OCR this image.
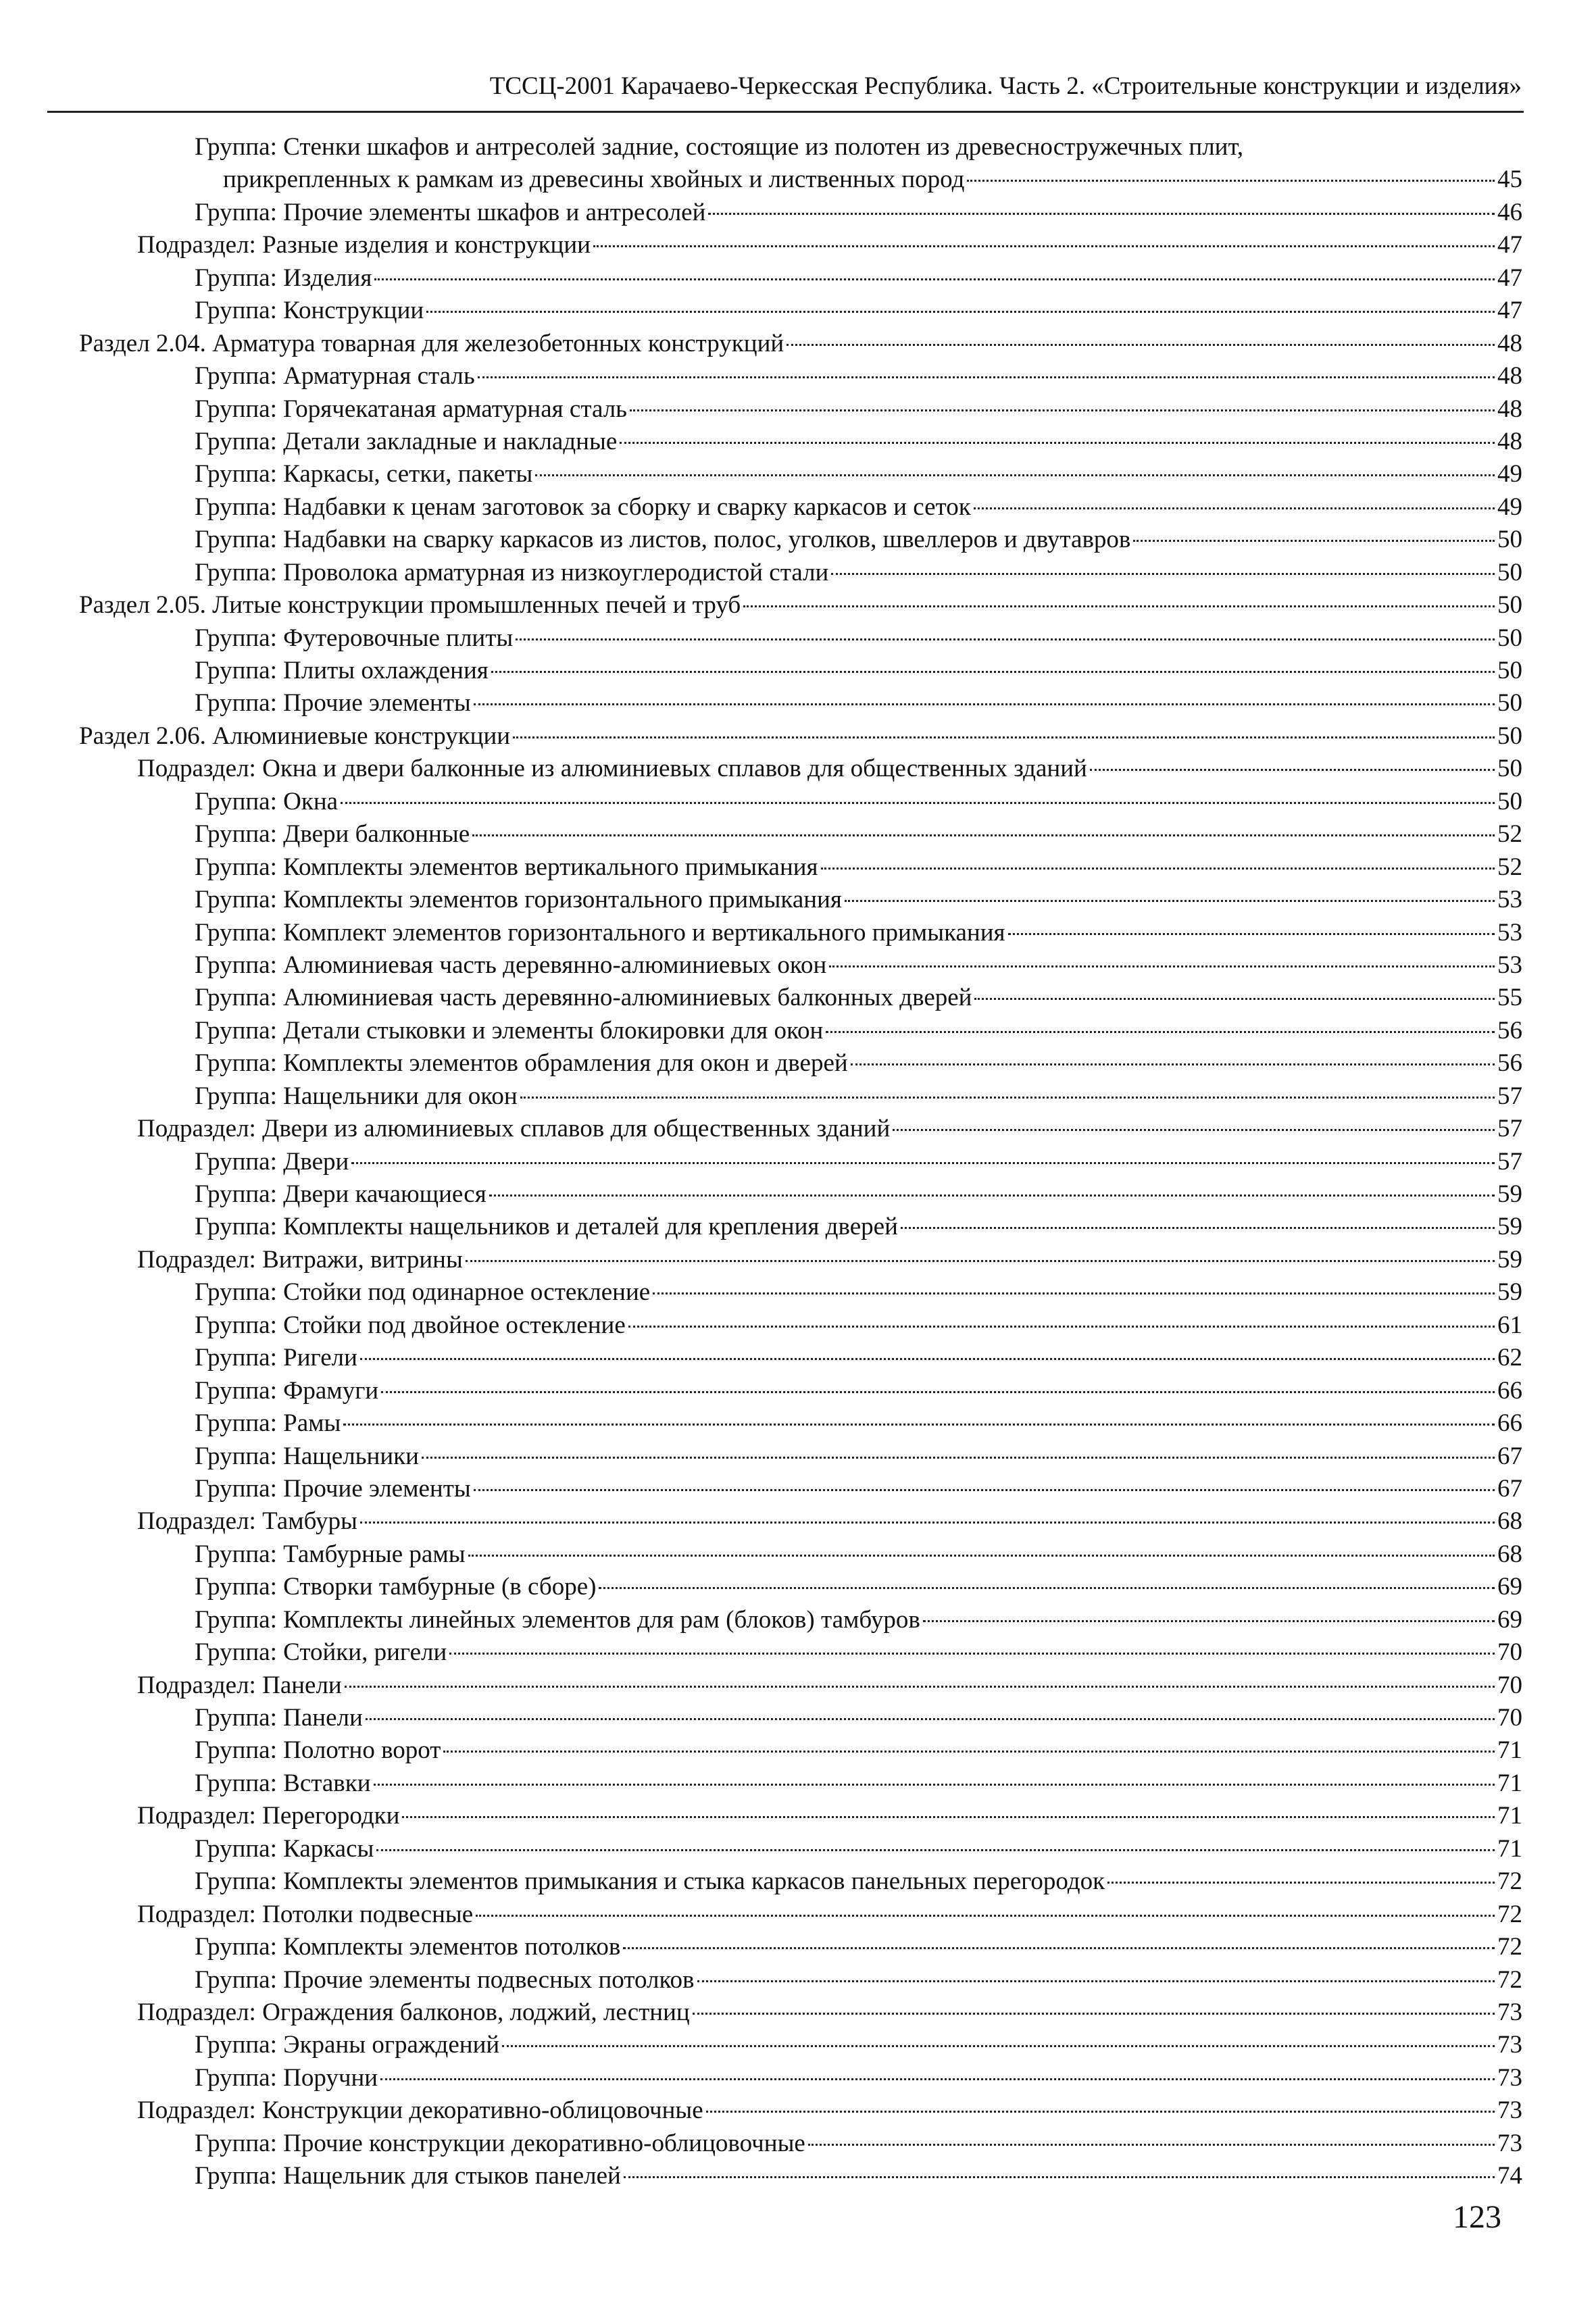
ТССЦ-2001 Карачаево-Черкесская Республика. Часть 2. «Строительные конструкции и изделия»
Группа: Стенки шкафов и антресолей задние, состоящие из полотен из древесностружечных плит,
прикрепленных к рамкам из древесины хвойных и лиственных пород	45
Группа: Прочие элементы шкафов и антресолей	46
Подраздел: Разные изделия и конструкции	47
Группа: Изделия	47
Группа: Конструкции	47
Раздел 2.04. Арматура товарная для железобетонных конструкций	48
Группа: Арматурная сталь	48
Группа: Горячекатаная арматурная сталь	48
Группа: Детали закладные и накладные	48
Группа: Каркасы, сетки, пакеты	49
Группа: Надбавки к ценам заготовок за сборку и сварку каркасов и сеток	49
Группа: Надбавки на сварку каркасов из листов, полос, уголков, швеллеров и двутавров	50
Группа: Проволока арматурная из низкоуглеродистой стали	50
Раздел 2.05. Литые конструкции промышленных печей и труб	50
Группа: Футеровочные плиты	50
Группа: Плиты охлаждения	50
Группа: Прочие элементы	50
Раздел 2.06. Алюминиевые конструкции	50
Подраздел: Окна и двери балконные из алюминиевых сплавов для общественных зданий	50
Группа: Окна	50
Группа: Двери балконные	52
Группа: Комплекты элементов вертикального примыкания	52
Группа: Комплекты элементов горизонтального примыкания	53
Группа: Комплект элементов горизонтального и вертикального примыкания	53
Группа: Алюминиевая часть деревянно-алюминиевых окон	53
Группа: Алюминиевая часть деревянно-алюминиевых балконных дверей	55
Группа: Детали стыковки и элементы блокировки для окон	56
Группа: Комплекты элементов обрамления для окон и дверей	56
Группа: Нащельники для окон	57
Подраздел: Двери из алюминиевых сплавов для общественных зданий	57
Группа: Двери	57
Группа: Двери качающиеся	59
Группа: Комплекты нащельников и деталей для крепления дверей	59
Подраздел: Витражи, витрины	59
Группа: Стойки под одинарное остекление	59
Группа: Стойки под двойное остекление	61
Группа: Ригели	62
Группа: Фрамуги	66
Группа: Рамы	66
Группа: Нащельники	67
Группа: Прочие элементы	67
Подраздел: Тамбуры	68
Группа: Тамбурные рамы	68
Группа: Створки тамбурные (в сборе)	69
Группа: Комплекты линейных элементов для рам (блоков) тамбуров	69
Группа: Стойки, ригели	70
Подраздел: Панели	70
Группа: Панели	70
Группа: Полотно ворот	71
Группа: Вставки	71
Подраздел: Перегородки	71
Группа: Каркасы	71
Группа: Комплекты элементов примыкания и стыка каркасов панельных перегородок	72
Подраздел: Потолки подвесные	72
Группа: Комплекты элементов потолков	72
Группа: Прочие элементы подвесных потолков	72
Подраздел: Ограждения балконов, лоджий, лестниц	73
Группа: Экраны ограждений	73
Группа: Поручни	73
Подраздел: Конструкции декоративно-облицовочные	73
Группа: Прочие конструкции декоративно-облицовочные	73
Группа: Нащельник для стыков панелей	74
123
